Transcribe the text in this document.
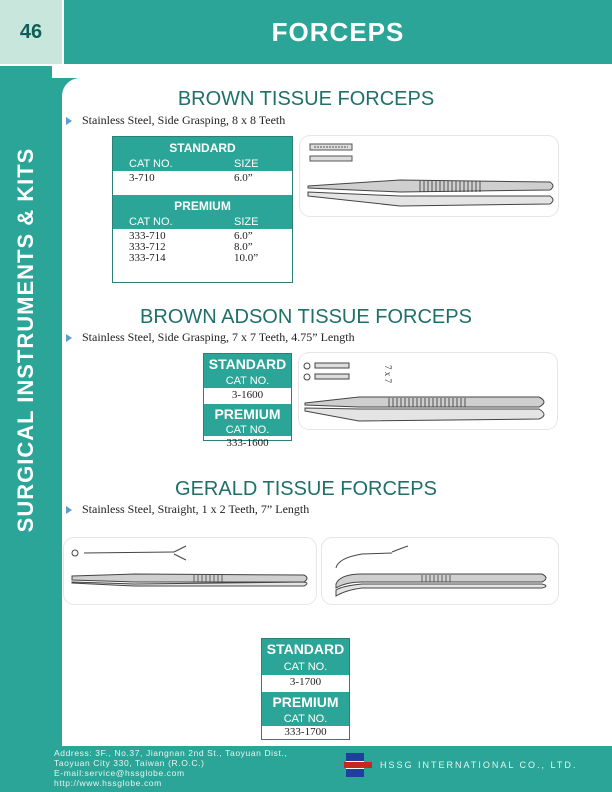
46	FORCEPS
SURGICAL INSTRUMENTS & KITS
BROWN TISSUE FORCEPS
Stainless Steel, Side Grasping, 8 x 8 Teeth
STANDARD
CAT NO.	SIZE
3-710	6.0”
PREMIUM
CAT NO.	SIZE
333-710	6.0”
333-712	8.0”
333-714	10.0”
BROWN ADSON TISSUE FORCEPS
Stainless Steel, Side Grasping, 7 x 7 Teeth, 4.75” Length
STANDARD
CAT NO.
3-1600
PREMIUM
CAT NO.
333-1600
7 x 7
GERALD TISSUE FORCEPS
Stainless Steel, Straight, 1 x 2 Teeth, 7” Length
STANDARD
CAT NO.
3-1700
PREMIUM
CAT NO.
333-1700
Address: 3F., No.37, Jiangnan 2nd St., Taoyuan Dist.,
Taoyuan City 330, Taiwan (R.O.C.)
E-mail:service@hssglobe.com
http://www.hssglobe.com
HSSG INTERNATIONAL CO., LTD.
